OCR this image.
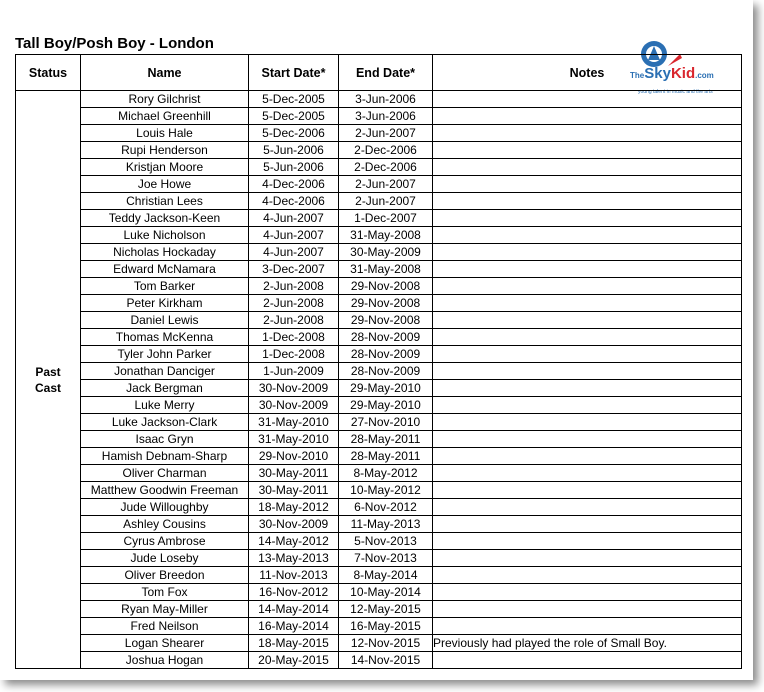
Tall Boy/Posh Boy - London
TheSkyKid.com
young talent in music and the arts
Status	Name	Start Date*	End Date*	Notes

Past
Cast	Rory Gilchrist	5-Dec-2005	3-Jun-2006	
	Michael Greenhill	5-Dec-2005	3-Jun-2006	
	Louis Hale	5-Dec-2006	2-Jun-2007	
	Rupi Henderson	5-Jun-2006	2-Dec-2006	
	Kristjan Moore	5-Jun-2006	2-Dec-2006	
	Joe Howe	4-Dec-2006	2-Jun-2007	
	Christian Lees	4-Dec-2006	2-Jun-2007	
	Teddy Jackson-Keen	4-Jun-2007	1-Dec-2007	
	Luke Nicholson	4-Jun-2007	31-May-2008	
	Nicholas Hockaday	4-Jun-2007	30-May-2009	
	Edward McNamara	3-Dec-2007	31-May-2008	
	Tom Barker	2-Jun-2008	29-Nov-2008	
	Peter Kirkham	2-Jun-2008	29-Nov-2008	
	Daniel Lewis	2-Jun-2008	29-Nov-2008	
	Thomas McKenna	1-Dec-2008	28-Nov-2009	
	Tyler John Parker	1-Dec-2008	28-Nov-2009	
	Jonathan Danciger	1-Jun-2009	28-Nov-2009	
	Jack Bergman	30-Nov-2009	29-May-2010	
	Luke Merry	30-Nov-2009	29-May-2010	
	Luke Jackson-Clark	31-May-2010	27-Nov-2010	
	Isaac Gryn	31-May-2010	28-May-2011	
	Hamish Debnam-Sharp	29-Nov-2010	28-May-2011	
	Oliver Charman	30-May-2011	8-May-2012	
	Matthew Goodwin Freeman	30-May-2011	10-May-2012	
	Jude Willoughby	18-May-2012	6-Nov-2012	
	Ashley Cousins	30-Nov-2009	11-May-2013	
	Cyrus Ambrose	14-May-2012	5-Nov-2013	
	Jude Loseby	13-May-2013	7-Nov-2013	
	Oliver Breedon	11-Nov-2013	8-May-2014	
	Tom Fox	16-Nov-2012	10-May-2014	
	Ryan May-Miller	14-May-2014	12-May-2015	
	Fred Neilson	16-May-2014	16-May-2015	
	Logan Shearer	18-May-2015	12-Nov-2015	Previously had played the role of Small Boy.
	Joshua Hogan	20-May-2015	14-Nov-2015	
